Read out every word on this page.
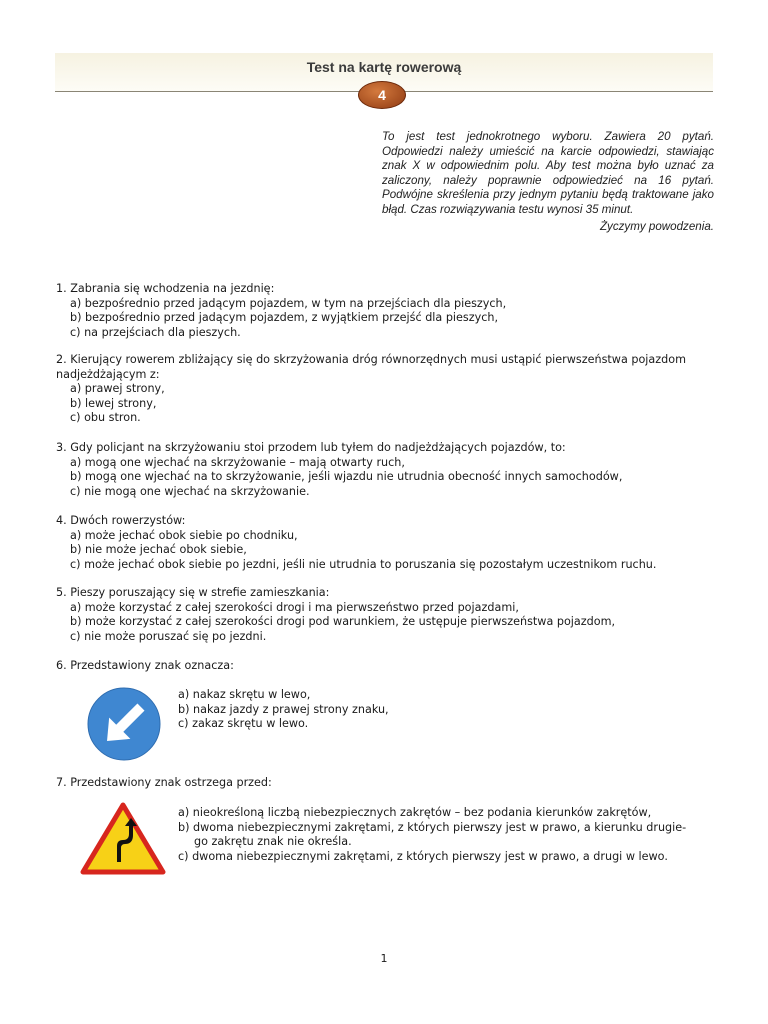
Test na kartę rowerową
4

To jest test jednokrotnego wyboru. Zawiera 20 pytań. Odpowiedzi należy umieścić na karcie odpowiedzi, stawiając znak X w odpowiednim polu. Aby test można było uznać za zaliczony, należy poprawnie odpowiedzieć na 16 pytań. Podwójne skreślenia przy jednym pytaniu będą traktowane jako błąd. Czas rozwiązywania testu wynosi 35 minut.

Życzymy powodzenia.
1. Zabrania się wchodzenia na jezdnię:
a) bezpośrednio przed jadącym pojazdem, w tym na przejściach dla pieszych,
b) bezpośrednio przed jadącym pojazdem, z wyjątkiem przejść dla pieszych,
c) na przejściach dla pieszych.
2. Kierujący rowerem zbliżający się do skrzyżowania dróg równorzędnych musi ustąpić pierwszeństwa pojazdom nadjeżdżającym z:
a) prawej strony,
b) lewej strony,
c) obu stron.
3. Gdy policjant na skrzyżowaniu stoi przodem lub tyłem do nadjeżdżających pojazdów, to:
a) mogą one wjechać na skrzyżowanie – mają otwarty ruch,
b) mogą one wjechać na to skrzyżowanie, jeśli wjazdu nie utrudnia obecność innych samochodów,
c) nie mogą one wjechać na skrzyżowanie.
4. Dwóch rowerzystów:
a) może jechać obok siebie po chodniku,
b) nie może jechać obok siebie,
c) może jechać obok siebie po jezdni, jeśli nie utrudnia to poruszania się pozostałym uczestnikom ruchu.
5. Pieszy poruszający się w strefie zamieszkania:
a) może korzystać z całej szerokości drogi i ma pierwszeństwo przed pojazdami,
b) może korzystać z całej szerokości drogi pod warunkiem, że ustępuje pierwszeństwa pojazdom,
c) nie może poruszać się po jezdni.
6. Przedstawiony znak oznacza:
a) nakaz skrętu w lewo,
b) nakaz jazdy z prawej strony znaku,
c) zakaz skrętu w lewo.
7. Przedstawiony znak ostrzega przed:
a) nieokreśloną liczbą niebezpiecznych zakrętów – bez podania kierunków zakrętów,
b) dwoma niebezpiecznymi zakrętami, z których pierwszy jest w prawo, a kierunku drugie-
go zakrętu znak nie określa.
c) dwoma niebezpiecznymi zakrętami, z których pierwszy jest w prawo, a drugi w lewo.
1
